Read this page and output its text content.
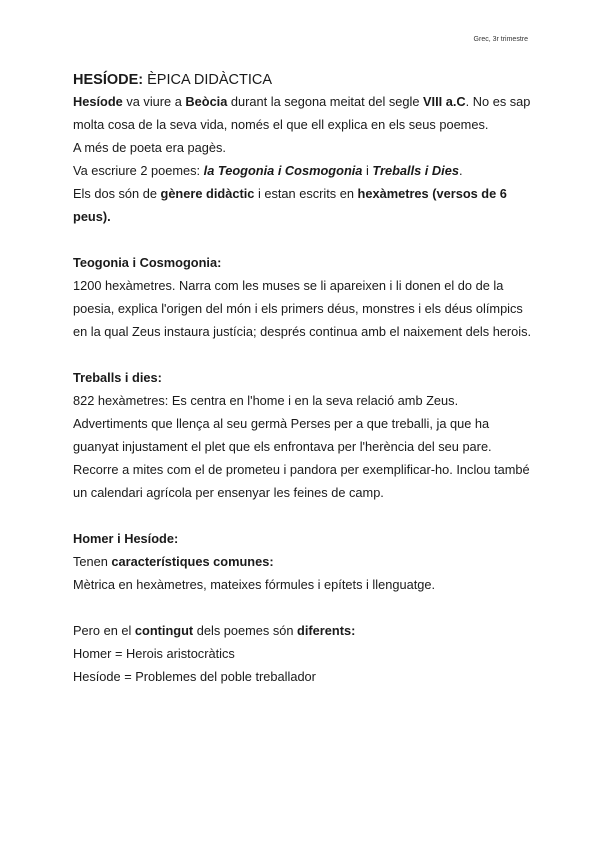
Grec, 3r trimestre
HESÍODE: ÈPICA DIDÀCTICA

Hesíode va viure a Beòcia durant la segona meitat del segle VIII a.C. No es sap molta cosa de la seva vida, només el que ell explica en els seus poemes.

A més de poeta era pagès.

Va escriure 2 poemes: la Teogonia i Cosmogonia i Treballs i Dies.

Els dos són de gènere didàctic i estan escrits en hexàmetres (versos de 6 peus).

Teogonia i Cosmogonia:

1200 hexàmetres. Narra com les muses se li apareixen i li donen el do de la poesia, explica l'origen del món i els primers déus, monstres i els déus olímpics en la qual Zeus instaura justícia; després continua amb el naixement dels herois.

Treballs i dies:

822 hexàmetres: Es centra en l'home i en la seva relació amb Zeus. Advertiments que llença al seu germà Perses per a que treballi, ja que ha guanyat injustament el plet que els enfrontava per l'herència del seu pare. Recorre a mites com el de prometeu i pandora per exemplificar-ho. Inclou també un calendari agrícola per ensenyar les feines de camp.

Homer i Hesíode:

Tenen característiques comunes:

Mètrica en hexàmetres, mateixes fórmules i epítets i llenguatge.

Pero en el contingut dels poemes són diferents:

Homer = Herois aristocràtics

Hesíode = Problemes del poble treballador
